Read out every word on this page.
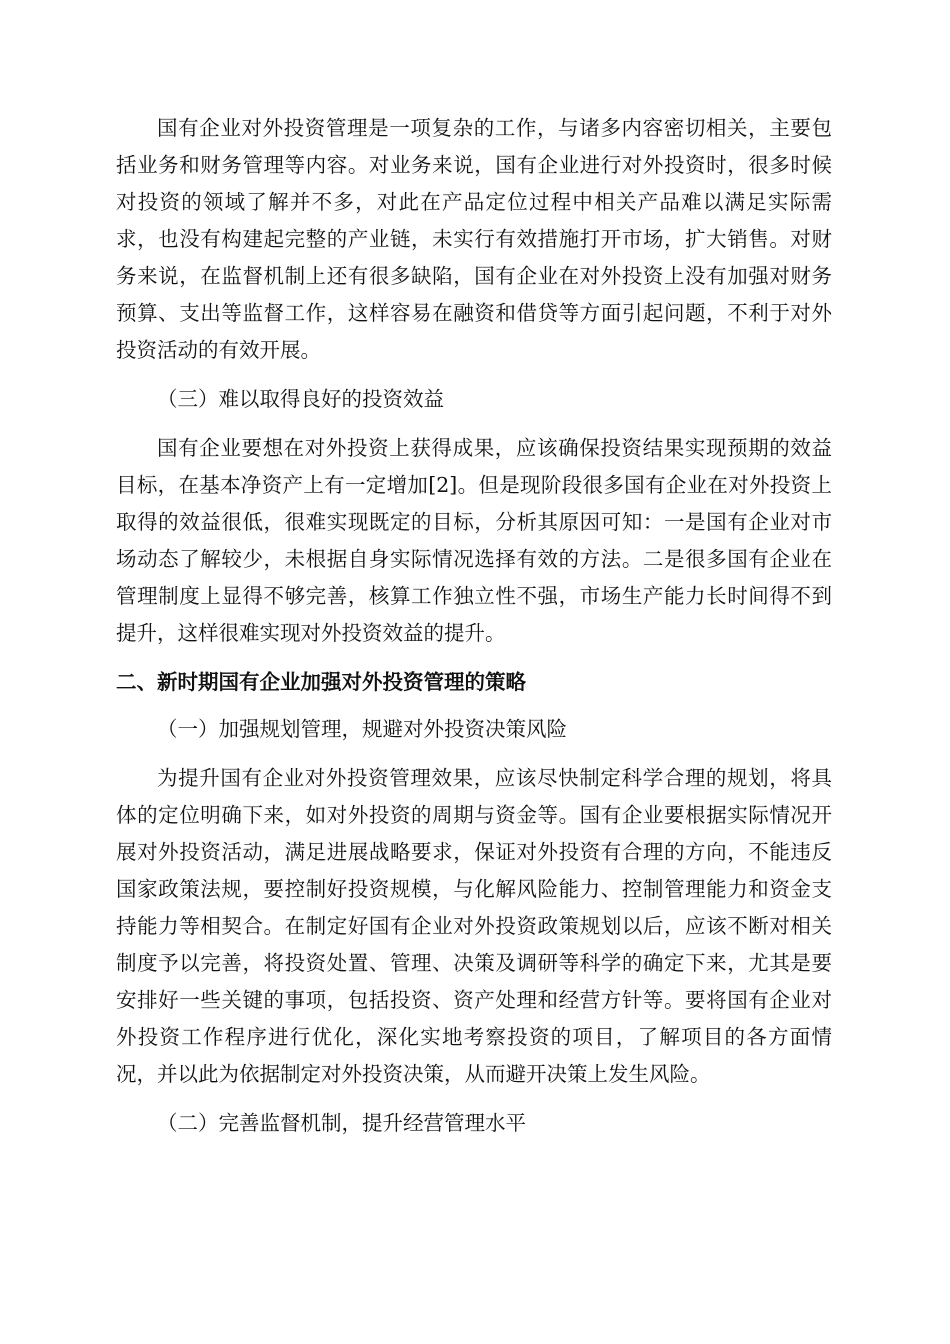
国有企业对外投资管理是一项复杂的工作，与诸多内容密切相关，主要包括业务和财务管理等内容。对业务来说，国有企业进行对外投资时，很多时候对投资的领域了解并不多，对此在产品定位过程中相关产品难以满足实际需求，也没有构建起完整的产业链，未实行有效措施打开市场，扩大销售。对财务来说，在监督机制上还有很多缺陷，国有企业在对外投资上没有加强对财务预算、支出等监督工作，这样容易在融资和借贷等方面引起问题，不利于对外投资活动的有效开展。

（三）难以取得良好的投资效益

国有企业要想在对外投资上获得成果，应该确保投资结果实现预期的效益目标，在基本净资产上有一定增加[2]。但是现阶段很多国有企业在对外投资上取得的效益很低，很难实现既定的目标，分析其原因可知：一是国有企业对市场动态了解较少，未根据自身实际情况选择有效的方法。二是很多国有企业在管理制度上显得不够完善，核算工作独立性不强，市场生产能力长时间得不到提升，这样很难实现对外投资效益的提升。

二、新时期国有企业加强对外投资管理的策略

（一）加强规划管理，规避对外投资决策风险

为提升国有企业对外投资管理效果，应该尽快制定科学合理的规划，将具体的定位明确下来，如对外投资的周期与资金等。国有企业要根据实际情况开展对外投资活动，满足进展战略要求，保证对外投资有合理的方向，不能违反国家政策法规，要控制好投资规模，与化解风险能力、控制管理能力和资金支持能力等相契合。在制定好国有企业对外投资政策规划以后，应该不断对相关制度予以完善，将投资处置、管理、决策及调研等科学的确定下来，尤其是要安排好一些关键的事项，包括投资、资产处理和经营方针等。要将国有企业对外投资工作程序进行优化，深化实地考察投资的项目，了解项目的各方面情况，并以此为依据制定对外投资决策，从而避开决策上发生风险。

（二）完善监督机制，提升经营管理水平
